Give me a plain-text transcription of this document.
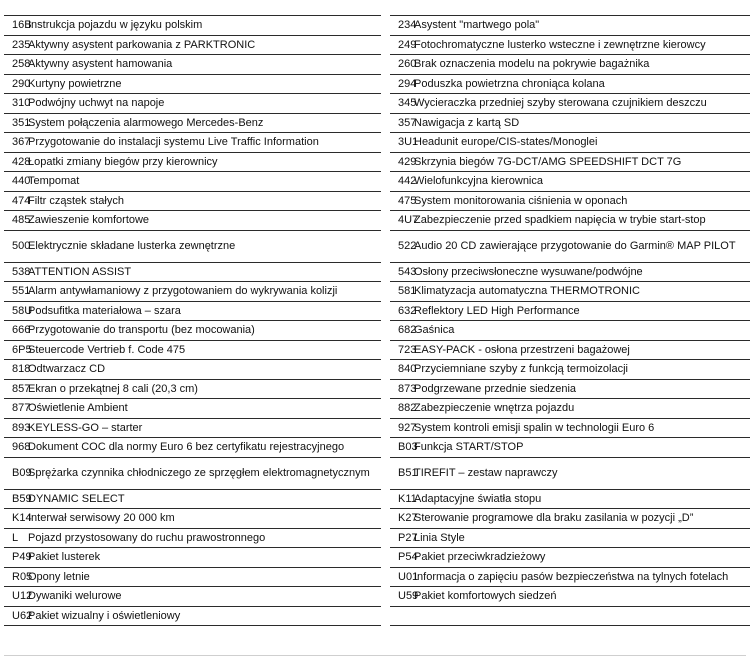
16B	Instrukcja pojazdu w języku polskim		234	Asystent "martwego pola"
235	Aktywny asystent parkowania z PARKTRONIC		249	Fotochromatyczne lusterko wsteczne i zewnętrzne kierowcy
258	Aktywny asystent hamowania		260	Brak oznaczenia modelu na pokrywie bagażnika
290	Kurtyny powietrzne		294	Poduszka powietrzna chroniąca kolana
310	Podwójny uchwyt na napoje		345	Wycieraczka przedniej szyby sterowana czujnikiem deszczu
351	System połączenia alarmowego Mercedes-Benz		357	Nawigacja z kartą SD
367	Przygotowanie do instalacji systemu Live Traffic Information		3U1	Headunit europe/CIS-states/Monoglei
428	Łopatki zmiany biegów przy kierownicy		429	Skrzynia biegów 7G-DCT/AMG SPEEDSHIFT DCT 7G
440	Tempomat		442	Wielofunkcyjna kierownica
474	Filtr cząstek stałych		475	System monitorowania ciśnienia w oponach
485	Zawieszenie komfortowe		4U7	Zabezpieczenie przed spadkiem napięcia w trybie start-stop
500	Elektrycznie składane lusterka zewnętrzne		522	Audio 20 CD zawierające przygotowanie do Garmin® MAP PILOT
538	ATTENTION ASSIST		543	Osłony przeciwsłoneczne wysuwane/podwójne
551	Alarm antywłamaniowy z przygotowaniem do wykrywania kolizji		581	Klimatyzacja automatyczna THERMOTRONIC
58U	Podsufitka materiałowa – szara		632	Reflektory LED High Performance
666	Przygotowanie do transportu (bez mocowania)		682	Gaśnica
6P5	Steuercode Vertrieb f. Code 475		723	EASY-PACK - osłona przestrzeni bagażowej
818	Odtwarzacz CD		840	Przyciemniane szyby z funkcją termoizolacji
857	Ekran o przekątnej 8 cali (20,3 cm)		873	Podgrzewane przednie siedzenia
877	Oświetlenie Ambient		882	Zabezpieczenie wnętrza pojazdu
893	KEYLESS-GO – starter		927	System kontroli emisji spalin w technologii Euro 6
968	Dokument COC dla normy Euro 6 bez certyfikatu rejestracyjnego		B03	Funkcja START/STOP
B09	Sprężarka czynnika chłodniczego ze sprzęgłem elektromagnetycznym		B51	TIREFIT – zestaw naprawczy
B59	DYNAMIC SELECT		K11	Adaptacyjne światła stopu
K14	Interwał serwisowy 20 000 km		K27	Sterowanie programowe dla braku zasilania w pozycji „D”
L	Pojazd przystosowany do ruchu prawostronnego		P27	Linia Style
P49	Pakiet lusterek		P54	Pakiet przeciwkradzieżowy
R05	Opony letnie		U01	Informacja o zapięciu pasów bezpieczeństwa na tylnych fotelach
U12	Dywaniki welurowe		U59	Pakiet komfortowych siedzeń
U62	Pakiet wizualny i oświetleniowy			
